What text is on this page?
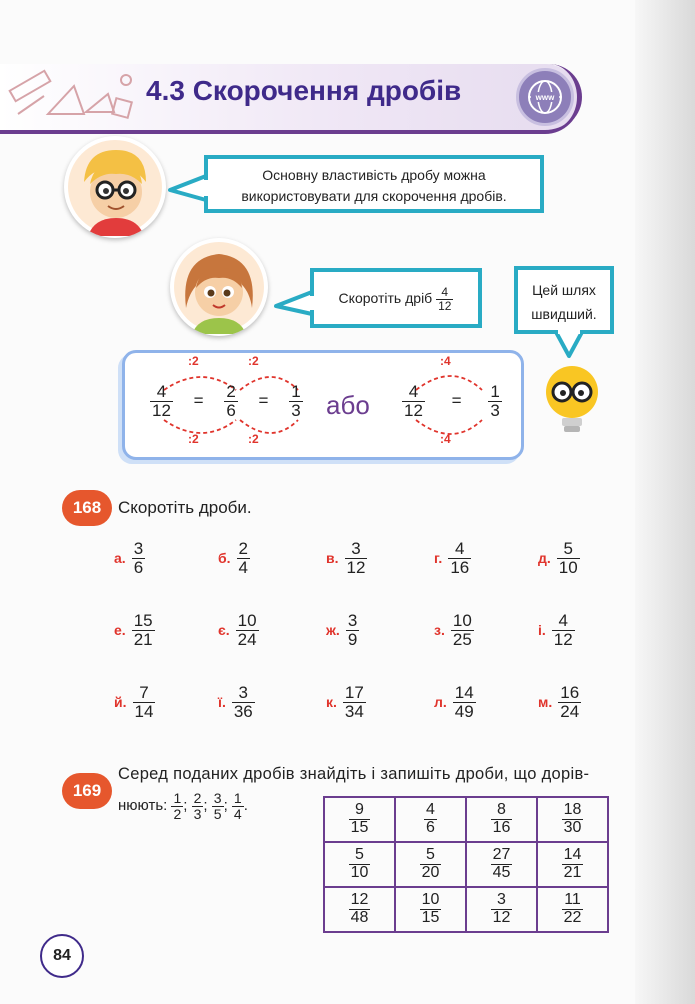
4.3 Скорочення дробів	www
Основну властивість дробу можна використовувати для скорочення дробів.
Скоротіть дріб $\frac{4}{12}$	Цей шлях швидший.
:2	:2
:2	:2
:4
:4
$\frac{4}{12} = \frac{2}{6} = \frac{1}{3}$ або $\frac{4}{12} = \frac{1}{3}$
168 Скоротіть дроби.
а. $\frac{3}{6}$	б. $\frac{2}{4}$	в. $\frac{3}{12}$	г. $\frac{4}{16}$	д. $\frac{5}{10}$
е. $\frac{15}{21}$	є. $\frac{10}{24}$	ж. $\frac{3}{9}$	з. $\frac{10}{25}$	і. $\frac{4}{12}$
й. $\frac{7}{14}$	ї. $\frac{3}{36}$	к. $\frac{17}{34}$	л. $\frac{14}{49}$	м. $\frac{16}{24}$
169
Серед поданих дробів знайдіть і запишіть дроби, що дорів-
нюють: $\frac{1}{2}$ ; $\frac{2}{3}$ ; $\frac{3}{5}$ ; $\frac{1}{4}$ .	$\frac{9}{15}$	$\frac{4}{6}$	$\frac{8}{16}$	$\frac{18}{30}$

$\frac{5}{10}$	$\frac{5}{20}$	$\frac{27}{45}$	$\frac{14}{21}$

$\frac{12}{48}$	$\frac{10}{15}$	$\frac{3}{12}$	$\frac{11}{22}$
84
